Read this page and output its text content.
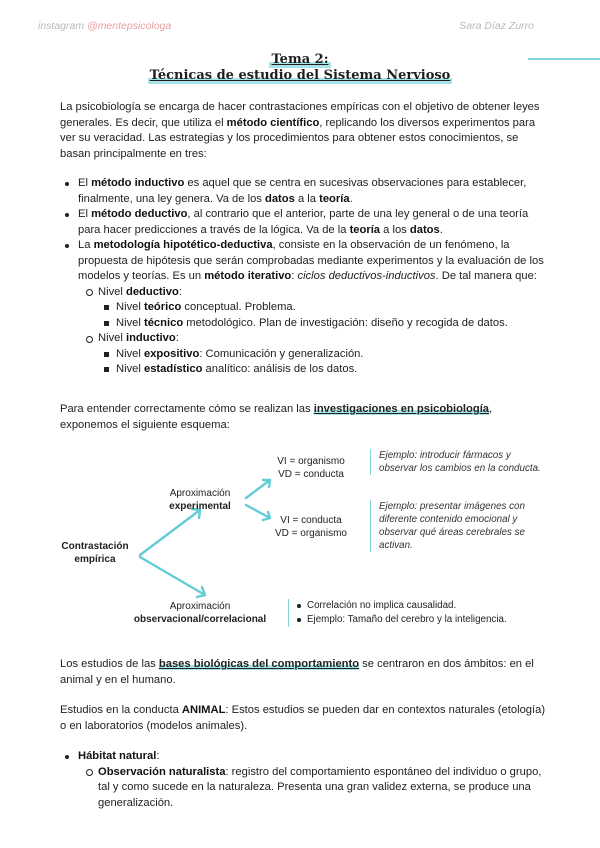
instagram @mentepsicologa	Sara Díaz Zurro
Tema 2:
Técnicas de estudio del Sistema Nervioso
La psicobiología se encarga de hacer contrastaciones empíricas con el objetivo de obtener leyes generales. Es decir, que utiliza el método científico, replicando los diversos experimentos para ver su veracidad. Las estrategias y los procedimientos para obtener estos conocimientos, se basan principalmente en tres:
El método inductivo es aquel que se centra en sucesivas observaciones para establecer, finalmente, una ley genera. Va de los datos a la teoría.
El método deductivo, al contrario que el anterior, parte de una ley general o de una teoría para hacer predicciones a través de la lógica. Va de la teoría a los datos.
La metodología hipotético-deductiva, consiste en la observación de un fenómeno, la propuesta de hipótesis que serán comprobadas mediante experimentos y la evaluación de los modelos y teorías. Es un método iterativo: ciclos deductivos-inductivos. De tal manera que:
Nivel deductivo:
Nivel teórico conceptual. Problema.
Nivel técnico metodológico. Plan de investigación: diseño y recogida de datos.
Nivel inductivo:
Nivel expositivo: Comunicación y generalización.
Nivel estadístico analítico: análisis de los datos.
Para entender correctamente cómo se realizan las investigaciones en psicobiología, exponemos el siguiente esquema:
Contrastación
empírica
Aproximación
experimental
VI = organismo
VD = conducta
VI = conducta
VD = organismo
Ejemplo: introducir fármacos y observar los cambios en la conducta.
Ejemplo: presentar imágenes con diferente contenido emocional y observar qué áreas cerebrales se activan.
Aproximación
observacional/correlacional
Correlación no implica causalidad.
Ejemplo: Tamaño del cerebro y la inteligencia.
Los estudios de las bases biológicas del comportamiento se centraron en dos ámbitos: en el animal y en el humano.
Estudios en la conducta ANIMAL: Estos estudios se pueden dar en contextos naturales (etología) o en laboratorios (modelos animales).
Hábitat natural:
Observación naturalista: registro del comportamiento espontáneo del individuo o grupo, tal y como sucede en la naturaleza. Presenta una gran validez externa, se produce una generalización.
